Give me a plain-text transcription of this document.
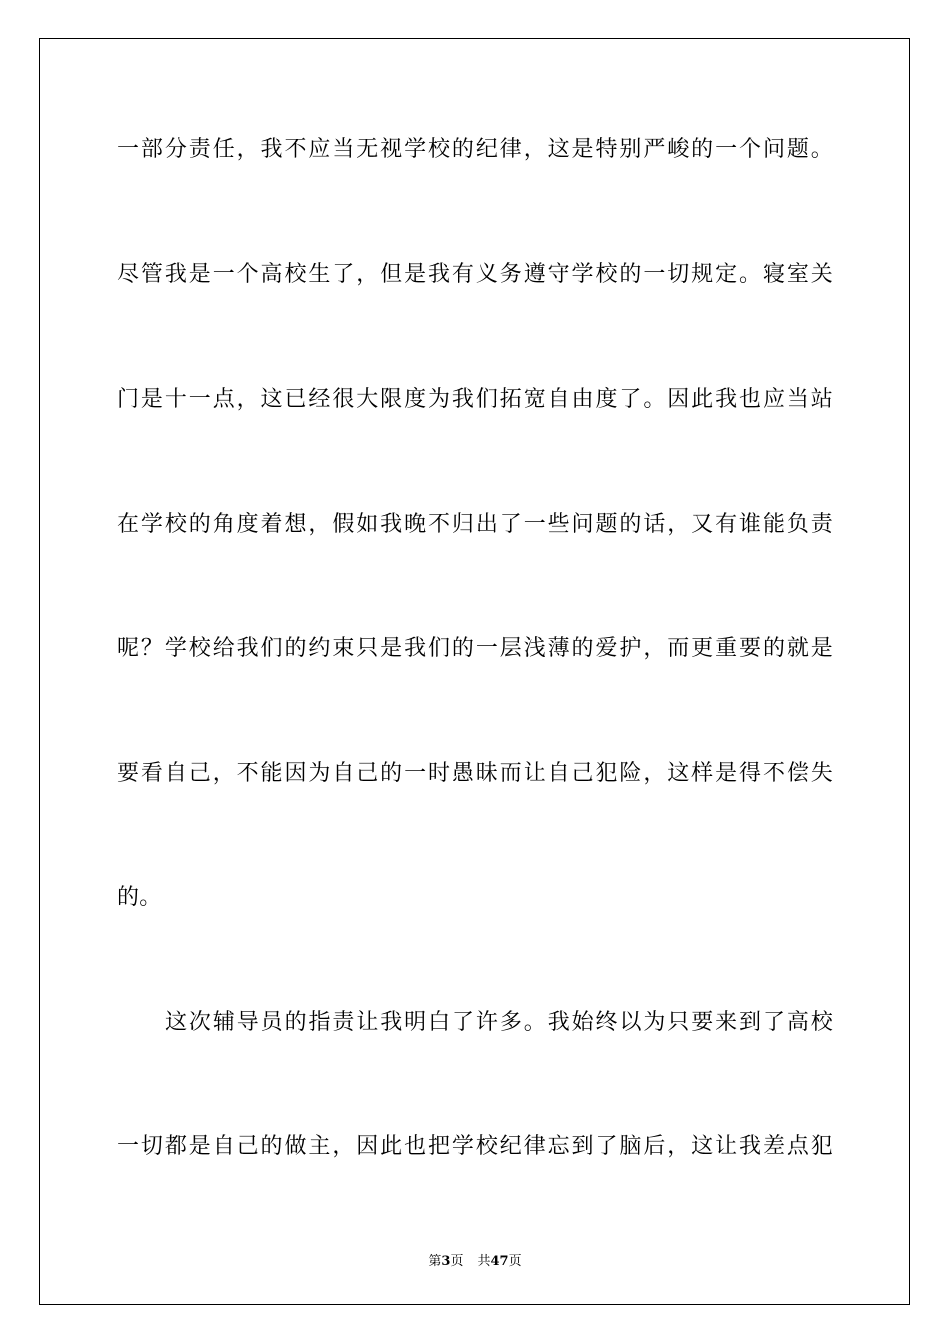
一部分责任，我不应当无视学校的纪律，这是特别严峻的一个问题。
尽管我是一个高校生了，但是我有义务遵守学校的一切规定。寝室关
门是十一点，这已经很大限度为我们拓宽自由度了。因此我也应当站
在学校的角度着想，假如我晚不归出了一些问题的话，又有谁能负责
呢？学校给我们的约束只是我们的一层浅薄的爱护，而更重要的就是
要看自己，不能因为自己的一时愚昧而让自己犯险，这样是得不偿失
的。
这次辅导员的指责让我明白了许多。我始终以为只要来到了高校
一切都是自己的做主，因此也把学校纪律忘到了脑后，这让我差点犯
第3页 共47页
